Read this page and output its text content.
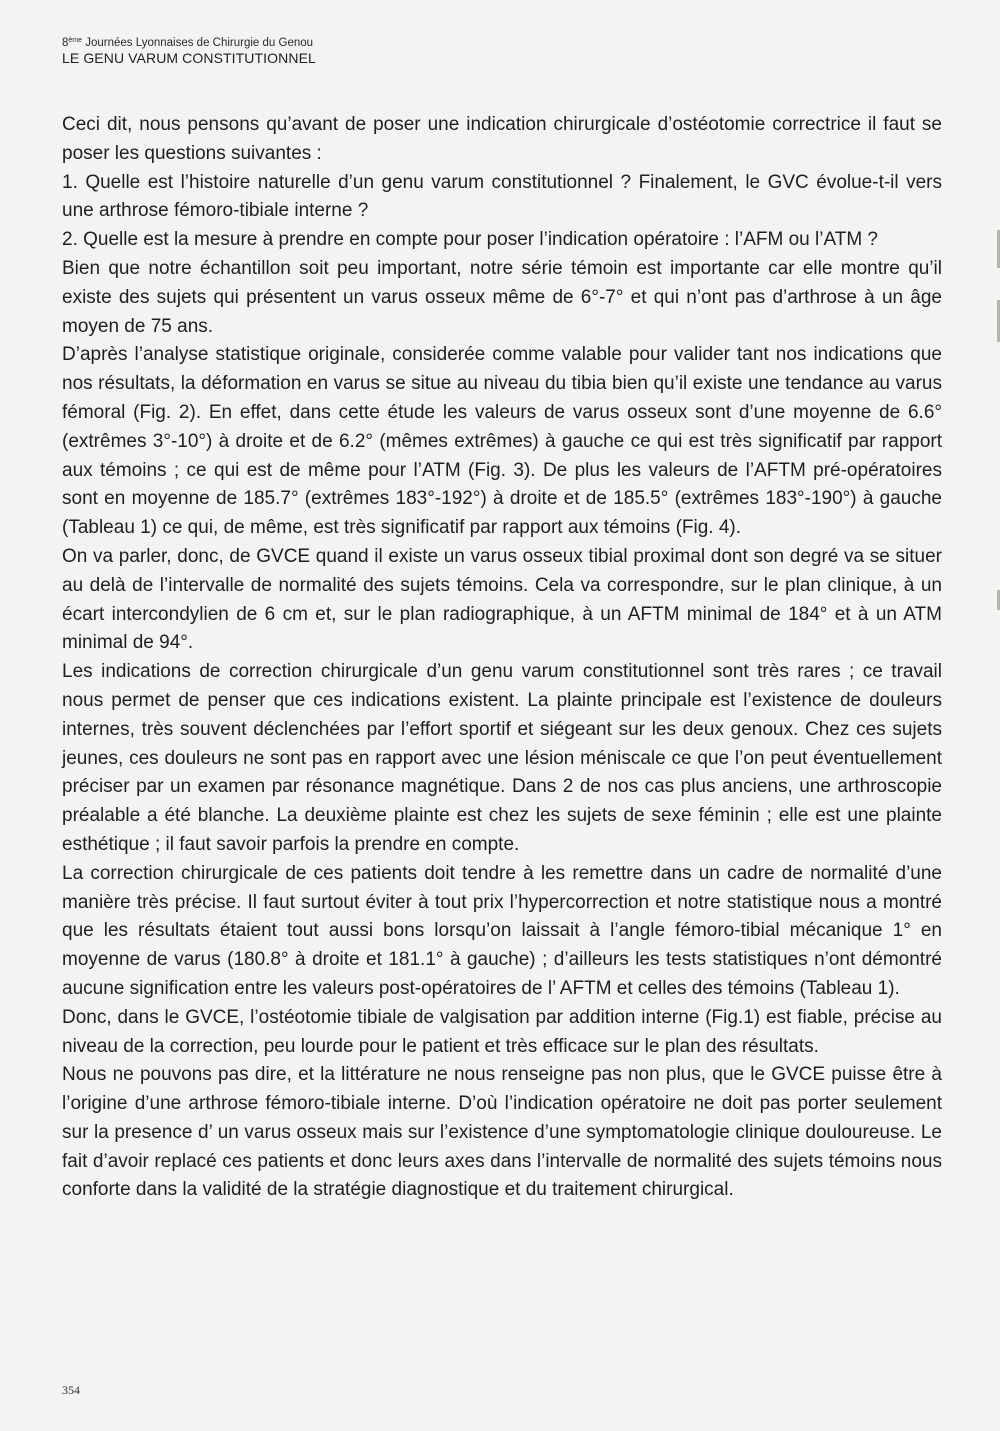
8ème Journées Lyonnaises de Chirurgie du Genou
LE GENU VARUM CONSTITUTIONNEL

Ceci dit, nous pensons qu’avant de poser une indication chirurgicale d’ostéotomie correctrice il faut se poser les questions suivantes :

1. Quelle est l’histoire naturelle d’un genu varum constitutionnel ? Finalement, le GVC évolue-t-il vers une arthrose fémoro-tibiale interne ?

2. Quelle est la mesure à prendre en compte pour poser l’indication opératoire : l’AFM ou l’ATM ?

Bien que notre échantillon soit peu important, notre série témoin est importante car elle montre qu’il existe des sujets qui présentent un varus osseux même de 6°-7° et qui n’ont pas d’arthrose à un âge moyen de 75 ans.

D’après l’analyse statistique originale, considerée comme valable pour valider tant nos indications que nos résultats, la déformation en varus se situe au niveau du tibia bien qu’il existe une tendance au varus fémoral (Fig. 2). En effet, dans cette étude les valeurs de varus osseux sont d’une moyenne de 6.6° (extrêmes 3°-10°) à droite et de 6.2° (mêmes extrêmes) à gauche ce qui est très significatif par rapport aux témoins ; ce qui est de même pour l’ATM (Fig. 3). De plus les valeurs de l’AFTM pré-opératoires sont en moyenne de 185.7° (extrêmes 183°-192°) à droite et de 185.5° (extrêmes 183°-190°) à gauche (Tableau 1) ce qui, de même, est très significatif par rapport aux témoins (Fig. 4).

On va parler, donc, de GVCE quand il existe un varus osseux tibial proximal dont son degré va se situer au delà de l’intervalle de normalité des sujets témoins. Cela va correspondre, sur le plan clinique, à un écart intercondylien de 6 cm et, sur le plan radiographique, à un AFTM minimal de 184° et à un ATM minimal de 94°.

Les indications de correction chirurgicale d’un genu varum constitutionnel sont très rares ; ce travail nous permet de penser que ces indications existent. La plainte principale est l’existence de douleurs internes, très souvent déclenchées par l’effort sportif et siégeant sur les deux genoux. Chez ces sujets jeunes, ces douleurs ne sont pas en rapport avec une lésion méniscale ce que l’on peut éventuellement préciser par un examen par résonance magnétique. Dans 2 de nos cas plus anciens, une arthroscopie préalable a été blanche. La deuxième plainte est chez les sujets de sexe féminin ; elle est une plainte esthétique ; il faut savoir parfois la prendre en compte.

La correction chirurgicale de ces patients doit tendre à les remettre dans un cadre de normalité d’une manière très précise. Il faut surtout éviter à tout prix l’hypercorrection et notre statistique nous a montré que les résultats étaient tout aussi bons lorsqu’on laissait à l’angle fémoro-tibial mécanique 1° en moyenne de varus (180.8° à droite et 181.1° à gauche) ; d’ailleurs les tests statistiques n’ont démontré aucune signification entre les valeurs post-opératoires de l’ AFTM et celles des témoins (Tableau 1).

Donc, dans le GVCE, l’ostéotomie tibiale de valgisation par addition interne (Fig.1) est fiable, précise au niveau de la correction, peu lourde pour le patient et très efficace sur le plan des résultats.

Nous ne pouvons pas dire, et la littérature ne nous renseigne pas non plus, que le GVCE puisse être à l’origine d’une arthrose fémoro-tibiale interne. D’où l’indication opératoire ne doit pas porter seulement sur la presence d’ un varus osseux mais sur l’existence d’une symptomatologie clinique douloureuse. Le fait d’avoir replacé ces patients et donc leurs axes dans l’intervalle de normalité des sujets témoins nous conforte dans la validité de la stratégie diagnostique et du traitement chirurgical.

354
